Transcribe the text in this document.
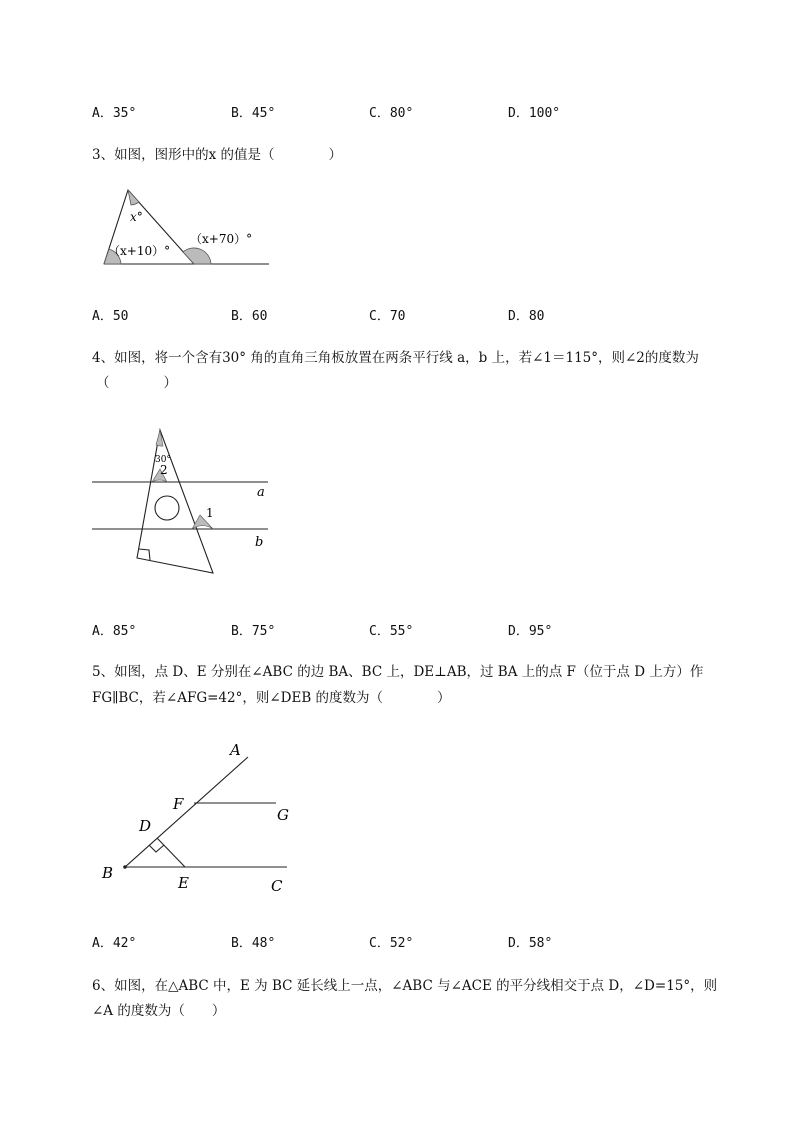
A．35°	B．45°	C．80°	D．100°
3、如图，图形中的x 的值是（　　　　）
x°
（x+10）°
（x+70）°
A．50	B．60	C．70	D．80
4、如图，将一个含有30° 角的直角三角板放置在两条平行线 a，b 上，若∠1＝115°，则∠2的度数为
（　　　　）
30°
2
1
a
b
A．85°	B．75°	C．55°	D．95°
5、如图，点 D、E 分别在∠ABC 的边 BA、BC 上，DE⊥AB，过 BA 上的点 F（位于点 D 上方）作
FG∥BC，若∠AFG=42°，则∠DEB 的度数为（　　　　）
A
F
G
D
B
E	C
A．42°	B．48°	C．52°	D．58°
6、如图，在△ABC 中，E 为 BC 延长线上一点，∠ABC 与∠ACE 的平分线相交于点 D，∠D=15°，则
∠A 的度数为（　　）
